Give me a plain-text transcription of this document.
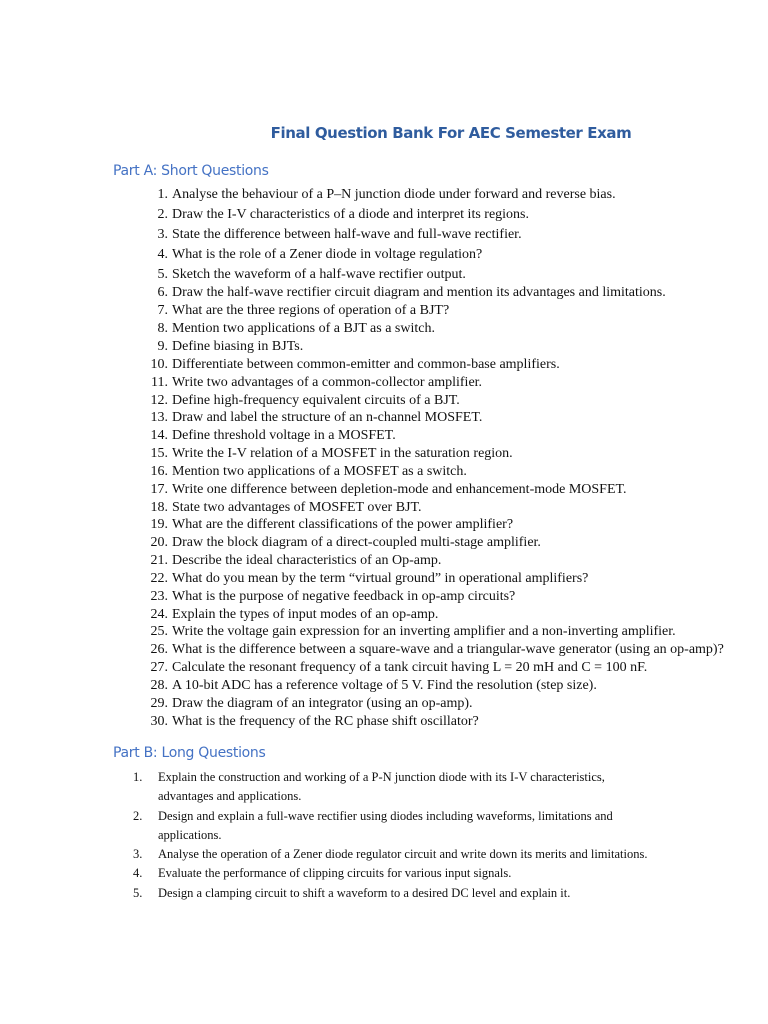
Final Question Bank For AEC Semester Exam
Part A: Short Questions
1. Analyse the behaviour of a P–N junction diode under forward and reverse bias.
2. Draw the I-V characteristics of a diode and interpret its regions.
3. State the difference between half-wave and full-wave rectifier.
4. What is the role of a Zener diode in voltage regulation?
5. Sketch the waveform of a half-wave rectifier output.
6. Draw the half-wave rectifier circuit diagram and mention its advantages and limitations.
7. What are the three regions of operation of a BJT?
8. Mention two applications of a BJT as a switch.
9. Define biasing in BJTs.
10. Differentiate between common-emitter and common-base amplifiers.
11. Write two advantages of a common-collector amplifier.
12. Define high-frequency equivalent circuits of a BJT.
13. Draw and label the structure of an n-channel MOSFET.
14. Define threshold voltage in a MOSFET.
15. Write the I-V relation of a MOSFET in the saturation region.
16. Mention two applications of a MOSFET as a switch.
17. Write one difference between depletion-mode and enhancement-mode MOSFET.
18. State two advantages of MOSFET over BJT.
19. What are the different classifications of the power amplifier?
20. Draw the block diagram of a direct-coupled multi-stage amplifier.
21. Describe the ideal characteristics of an Op-amp.
22. What do you mean by the term “virtual ground” in operational amplifiers?
23. What is the purpose of negative feedback in op-amp circuits?
24. Explain the types of input modes of an op-amp.
25. Write the voltage gain expression for an inverting amplifier and a non-inverting amplifier.
26. What is the difference between a square-wave and a triangular-wave generator (using an op-amp)?
27. Calculate the resonant frequency of a tank circuit having L = 20 mH and C = 100 nF.
28. A 10-bit ADC has a reference voltage of 5 V. Find the resolution (step size).
29. Draw the diagram of an integrator (using an op-amp).
30. What is the frequency of the RC phase shift oscillator?
Part B: Long Questions
1.	Explain the construction and working of a P-N junction diode with its I-V characteristics, advantages and applications.
2.	Design and explain a full-wave rectifier using diodes including waveforms, limitations and applications.
3.	Analyse the operation of a Zener diode regulator circuit and write down its merits and limitations.
4.	Evaluate the performance of clipping circuits for various input signals.
5.	Design a clamping circuit to shift a waveform to a desired DC level and explain it.
